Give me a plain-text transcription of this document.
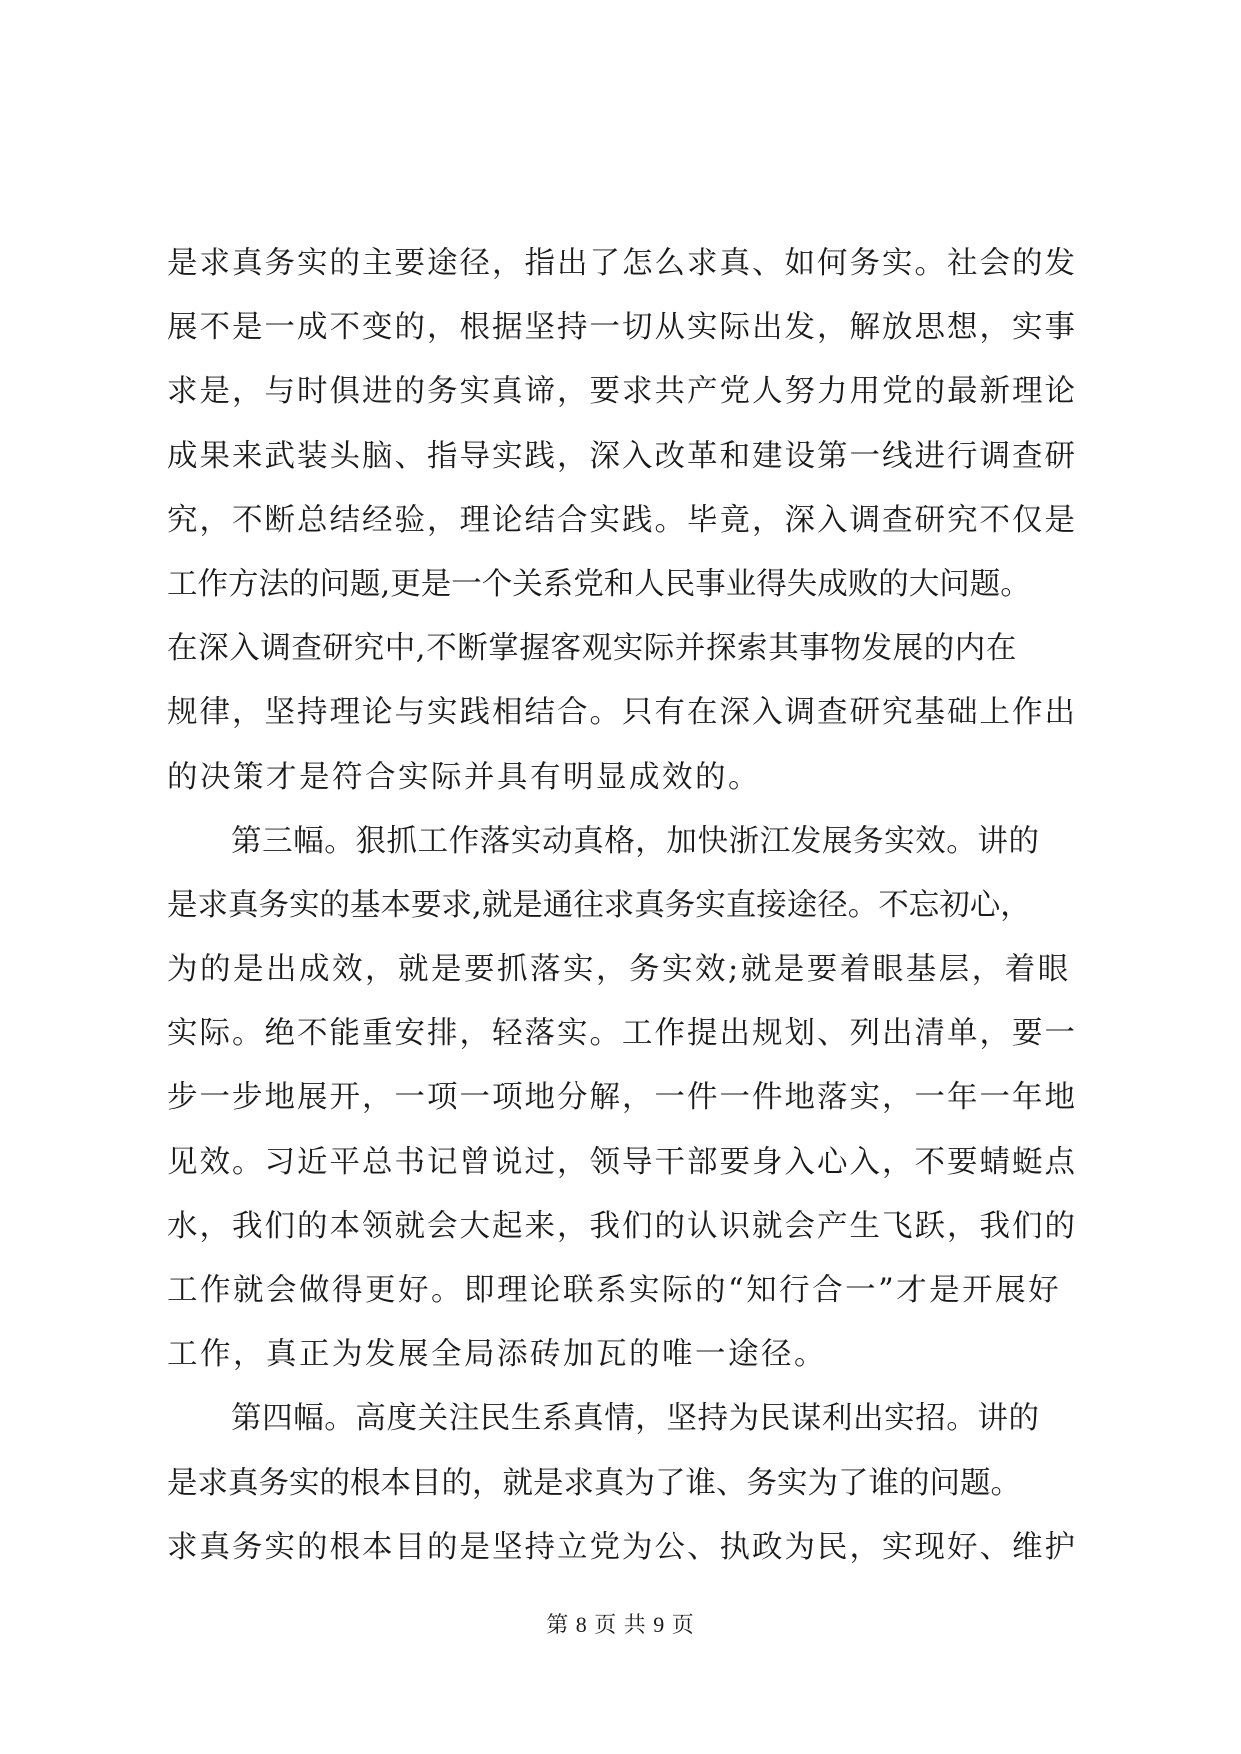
是求真务实的主要途径，指出了怎么求真、如何务实。社会的发
展不是一成不变的，根据坚持一切从实际出发，解放思想，实事
求是，与时俱进的务实真谛，要求共产党人努力用党的最新理论
成果来武装头脑、指导实践，深入改革和建设第一线进行调查研
究，不断总结经验，理论结合实践。毕竟，深入调查研究不仅是
工作方法的问题,更是一个关系党和人民事业得失成败的大问题。
在深入调查研究中,不断掌握客观实际并探索其事物发展的内在
规律，坚持理论与实践相结合。只有在深入调查研究基础上作出
的决策才是符合实际并具有明显成效的。
第三幅。狠抓工作落实动真格，加快浙江发展务实效。讲的
是求真务实的基本要求,就是通往求真务实直接途径。不忘初心，
为的是出成效，就是要抓落实，务实效;就是要着眼基层，着眼
实际。绝不能重安排，轻落实。工作提出规划、列出清单，要一
步一步地展开，一项一项地分解，一件一件地落实，一年一年地
见效。习近平总书记曾说过，领导干部要身入心入，不要蜻蜓点
水，我们的本领就会大起来，我们的认识就会产生飞跃，我们的
工作就会做得更好。即理论联系实际的“知行合一”才是开展好
工作，真正为发展全局添砖加瓦的唯一途径。
第四幅。高度关注民生系真情，坚持为民谋利出实招。讲的
是求真务实的根本目的，就是求真为了谁、务实为了谁的问题。
求真务实的根本目的是坚持立党为公、执政为民，实现好、维护
第 8 页 共 9 页
